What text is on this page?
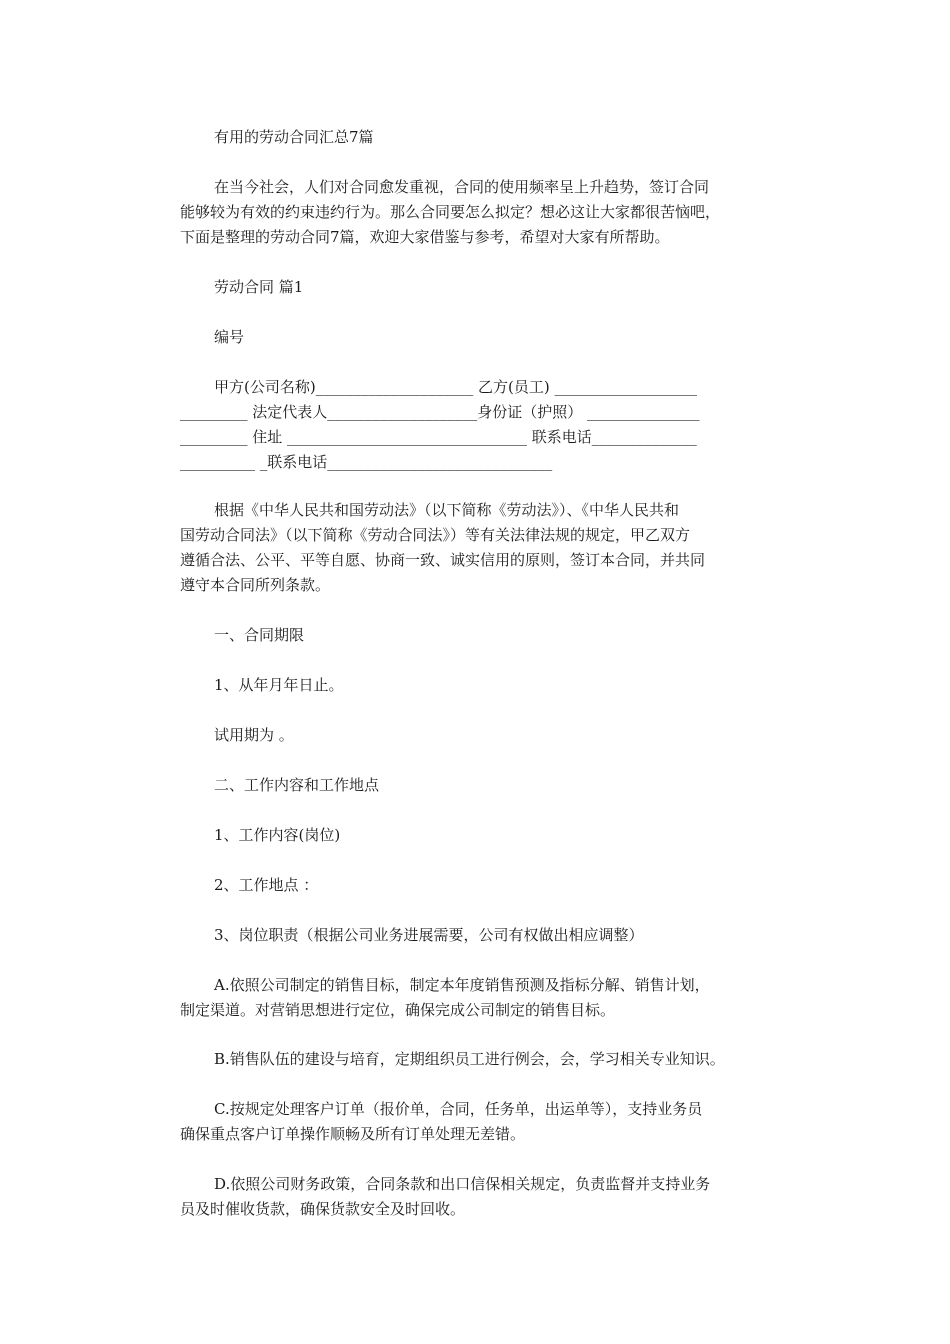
有用的劳动合同汇总7篇

在当今社会，人们对合同愈发重视，合同的使用频率呈上升趋势，签订合同
能够较为有效的约束违约行为。那么合同要怎么拟定？想必这让大家都很苦恼吧，
下面是整理的劳动合同7篇，欢迎大家借鉴与参考，希望对大家有所帮助。

劳动合同 篇1

编号

甲方(公司名称)_____________________ 乙方(员工) ___________________
_________ 法定代表人____________________身份证（护照） _______________
_________ 住址 ________________________________ 联系电话______________
__________ _联系电话______________________________

根据《中华人民共和国劳动法》（以下简称《劳动法》）、《中华人民共和
国劳动合同法》（以下简称《劳动合同法》）等有关法律法规的规定，甲乙双方
遵循合法、公平、平等自愿、协商一致、诚实信用的原则，签订本合同，并共同
遵守本合同所列条款。

一、合同期限

1、从年月年日止。

试用期为 。

二、工作内容和工作地点

1、工作内容(岗位)

2、工作地点 ：

3、岗位职责（根据公司业务进展需要，公司有权做出相应调整）

A.依照公司制定的销售目标，制定本年度销售预测及指标分解、销售计划，
制定渠道。对营销思想进行定位，确保完成公司制定的销售目标。

B.销售队伍的建设与培育，定期组织员工进行例会，会，学习相关专业知识。

C.按规定处理客户订单（报价单，合同，任务单，出运单等），支持业务员
确保重点客户订单操作顺畅及所有订单处理无差错。

D.依照公司财务政策，合同条款和出口信保相关规定，负责监督并支持业务
员及时催收货款，确保货款安全及时回收。
